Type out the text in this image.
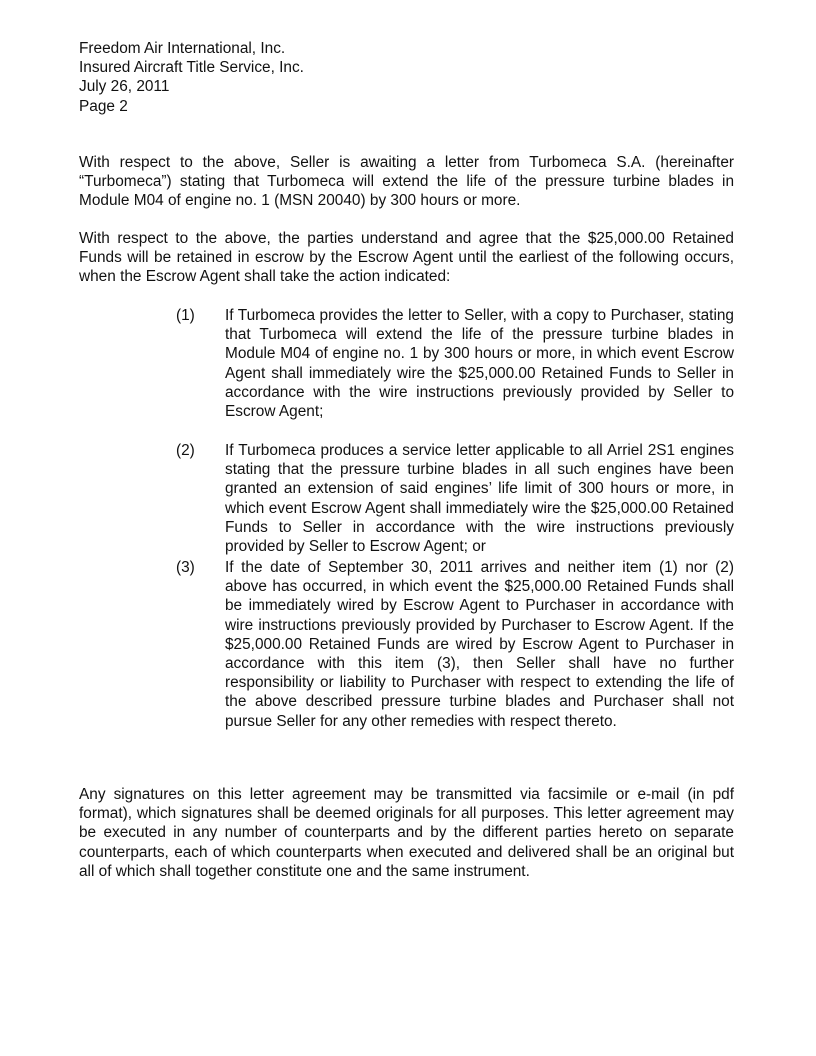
Freedom Air International, Inc.
Insured Aircraft Title Service, Inc.
July 26, 2011
Page 2

With respect to the above, Seller is awaiting a letter from Turbomeca S.A. (hereinafter “Turbomeca”) stating that Turbomeca will extend the life of the pressure turbine blades in Module M04 of engine no. 1 (MSN 20040) by 300 hours or more.

With respect to the above, the parties understand and agree that the $25,000.00 Retained Funds will be retained in escrow by the Escrow Agent until the earliest of the following occurs, when the Escrow Agent shall take the action indicated:

(1)	If Turbomeca provides the letter to Seller, with a copy to Purchaser, stating that Turbomeca will extend the life of the pressure turbine blades in Module M04 of engine no. 1 by 300 hours or more, in which event Escrow Agent shall immediately wire the $25,000.00 Retained Funds to Seller in accordance with the wire instructions previously provided by Seller to Escrow Agent;

(2)	If Turbomeca produces a service letter applicable to all Arriel 2S1 engines stating that the pressure turbine blades in all such engines have been granted an extension of said engines’ life limit of 300 hours or more, in which event Escrow Agent shall immediately wire the $25,000.00 Retained Funds to Seller in accordance with the wire instructions previously provided by Seller to Escrow Agent; or

(3)	If the date of September 30, 2011 arrives and neither item (1) nor (2) above has occurred, in which event the $25,000.00 Retained Funds shall be immediately wired by Escrow Agent to Purchaser in accordance with wire instructions previously provided by Purchaser to Escrow Agent. If the $25,000.00 Retained Funds are wired by Escrow Agent to Purchaser in accordance with this item (3), then Seller shall have no further responsibility or liability to Purchaser with respect to extending the life of the above described pressure turbine blades and Purchaser shall not pursue Seller for any other remedies with respect thereto.

Any signatures on this letter agreement may be transmitted via facsimile or e-mail (in pdf format), which signatures shall be deemed originals for all purposes. This letter agreement may be executed in any number of counterparts and by the different parties hereto on separate counterparts, each of which counterparts when executed and delivered shall be an original but all of which shall together constitute one and the same instrument.
